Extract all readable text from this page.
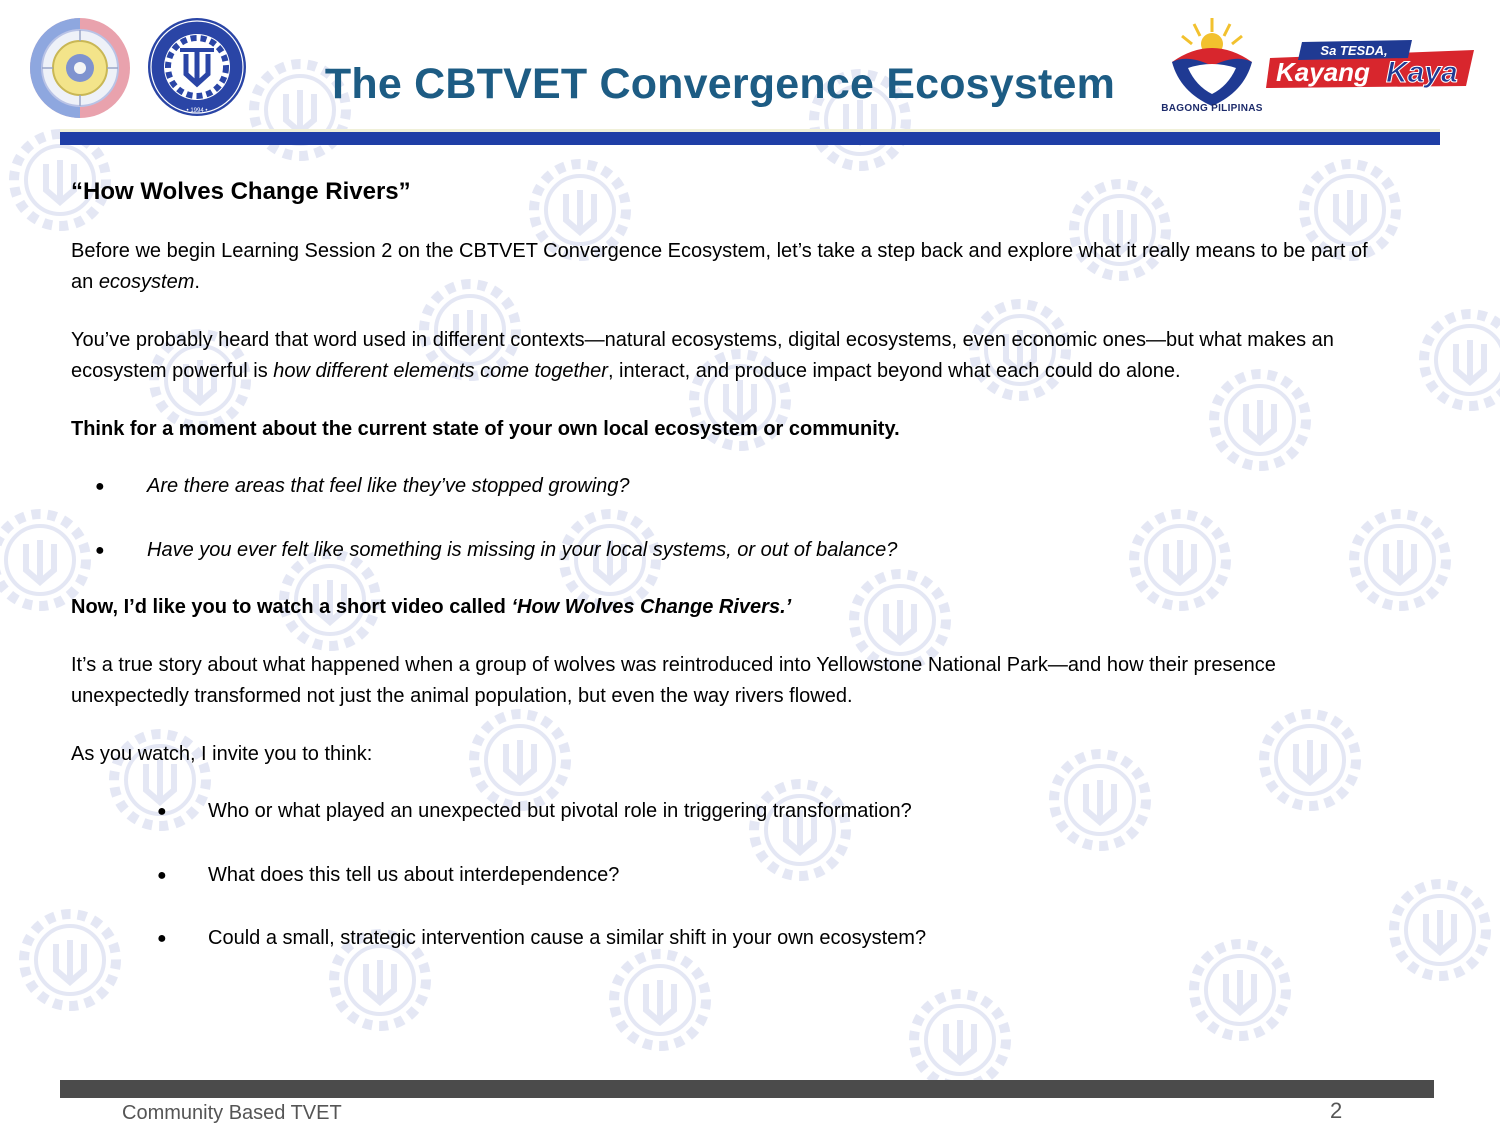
• 1994 •
The CBTVET Convergence Ecosystem
BAGONG PILIPINAS
Sa TESDA,
Kayang Kaya

“How Wolves Change Rivers”

Before we begin Learning Session 2 on the CBTVET Convergence Ecosystem, let’s take a step back and explore what it really means to be part of an ecosystem.

You’ve probably heard that word used in different contexts—natural ecosystems, digital ecosystems, even economic ones—but what makes an ecosystem powerful is how different elements come together, interact, and produce impact beyond what each could do alone.

Think for a moment about the current state of your own local ecosystem or community.

● Are there areas that feel like they’ve stopped growing?
● Have you ever felt like something is missing in your local systems, or out of balance?

Now, I’d like you to watch a short video called ‘How Wolves Change Rivers.’

It’s a true story about what happened when a group of wolves was reintroduced into Yellowstone National Park—and how their presence unexpectedly transformed not just the animal population, but even the way rivers flowed.

As you watch, I invite you to think:

● Who or what played an unexpected but pivotal role in triggering transformation?
● What does this tell us about interdependence?
● Could a small, strategic intervention cause a similar shift in your own ecosystem?
Community Based TVET	2
